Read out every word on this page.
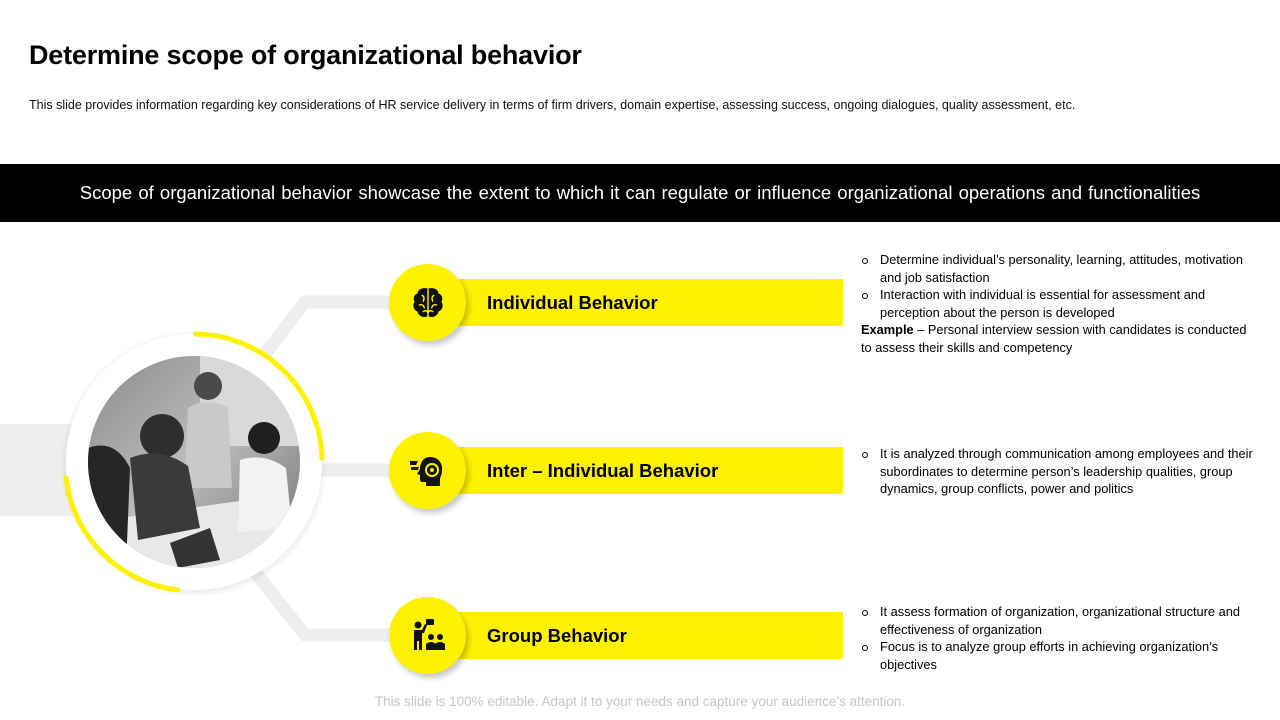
Determine scope of organizational behavior

This slide provides information regarding key considerations of HR service delivery in terms of firm drivers, domain expertise, assessing success, ongoing dialogues, quality assessment, etc.

Scope of organizational behavior showcase the extent to which it can regulate or influence organizational operations and functionalities
Individual Behavior
Determine individual’s personality, learning, attitudes, motivation and job satisfaction
Interaction with individual is essential for assessment and perception about the person is developed
Example – Personal interview session with candidates is conducted to assess their skills and competency
Inter – Individual Behavior
It is analyzed through communication among employees and their subordinates to determine person’s leadership qualities, group dynamics, group conflicts, power and politics
Group Behavior
It assess formation of organization, organizational structure and effectiveness of organization
Focus is to analyze group efforts in achieving organization’s objectives
This slide is 100% editable. Adapt it to your needs and capture your audience’s attention.
